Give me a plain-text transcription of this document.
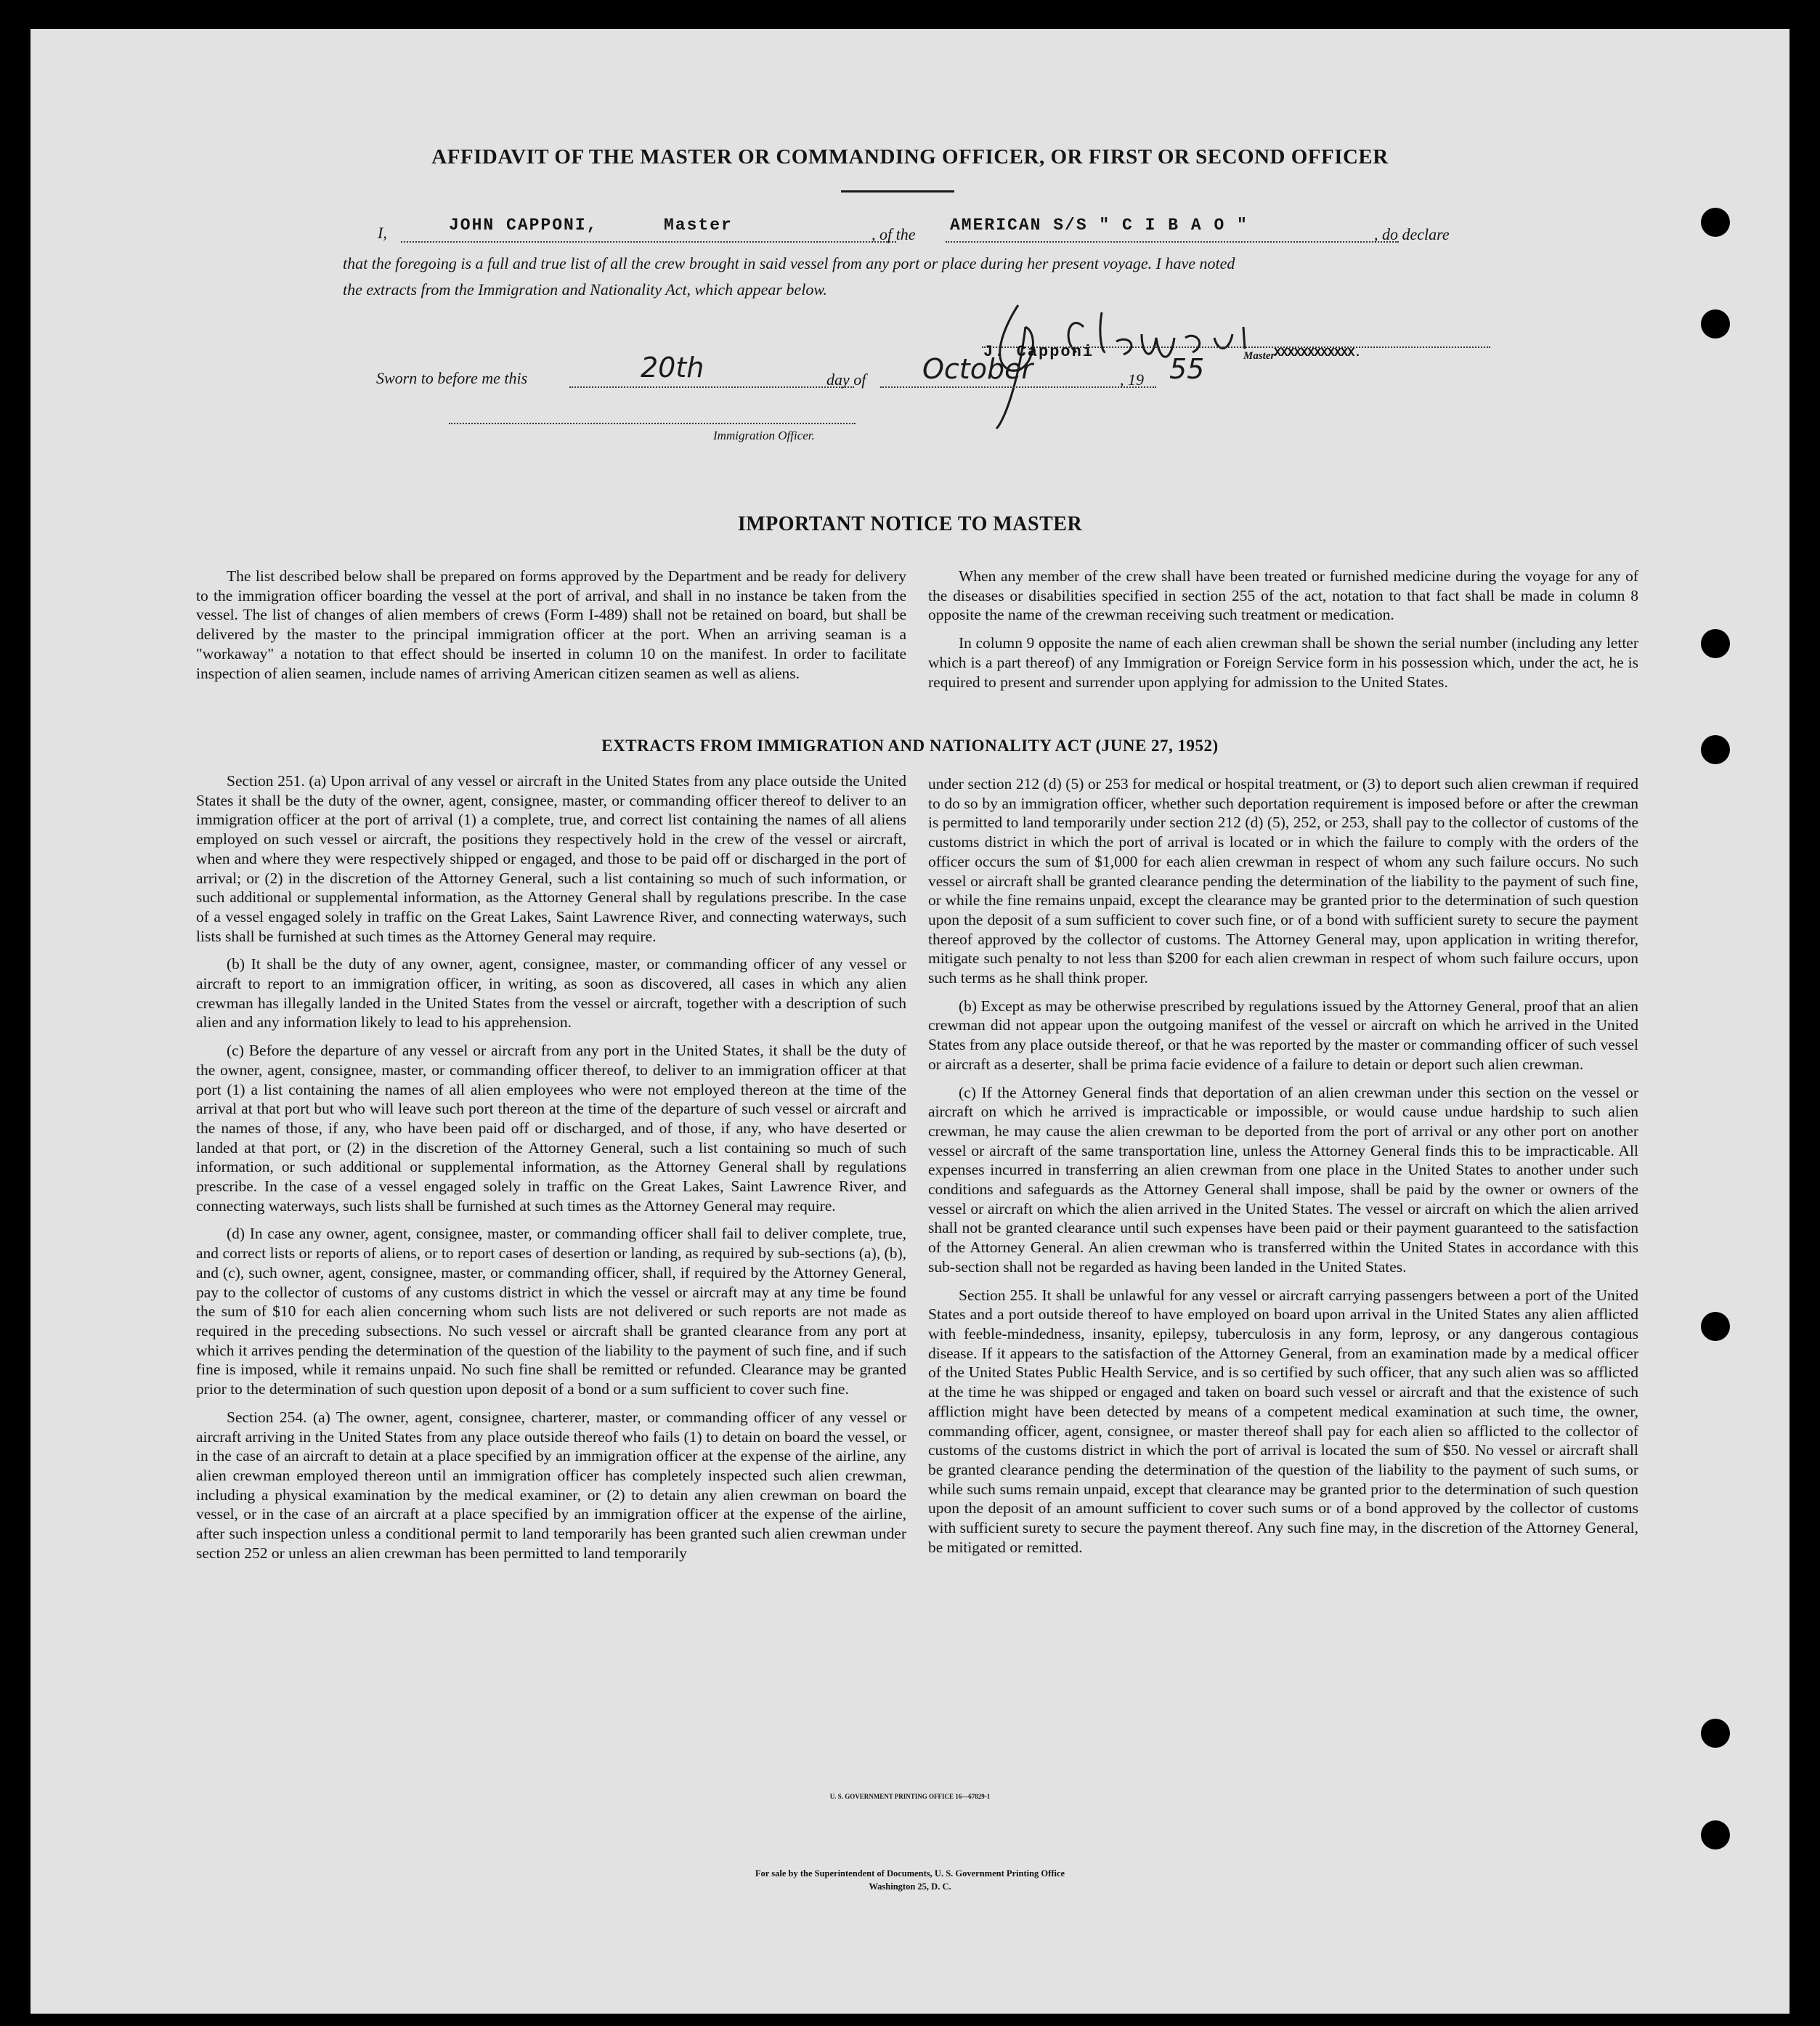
AFFIDAVIT OF THE MASTER OR COMMANDING OFFICER, OR FIRST OR SECOND OFFICER
I,	JOHN CAPPONI,	Master	, of the AMERICAN S/S " C I B A O "	, do declare
that the foregoing is a full and true list of all the crew brought in said vessel from any port or place during her present voyage. I have noted
the extracts from the Immigration and Nationality Act, which appear below.
J. Capponi	Master
XXXXXXXXXXXX.
Sworn to before me this	20th	day of October	, 19 55
Immigration Officer.
IMPORTANT NOTICE TO MASTER

The list described below shall be prepared on forms approved by the Department and be ready for delivery to the immigration officer boarding the vessel at the port of arrival, and shall in no instance be taken from the vessel. The list of changes of alien members of crews (Form I-489) shall not be retained on board, but shall be delivered by the master to the principal immigration officer at the port. When an arriving seaman is a "workaway" a notation to that effect should be inserted in column 10 on the manifest. In order to facilitate inspection of alien seamen, include names of arriving American citizen seamen as well as aliens.

When any member of the crew shall have been treated or furnished medicine during the voyage for any of the diseases or disabilities specified in section 255 of the act, notation to that fact shall be made in column 8 opposite the name of the crewman receiving such treatment or medication.

In column 9 opposite the name of each alien crewman shall be shown the serial number (including any letter which is a part thereof) of any Immigration or Foreign Service form in his possession which, under the act, he is required to present and surrender upon applying for admission to the United States.

EXTRACTS FROM IMMIGRATION AND NATIONALITY ACT (JUNE 27, 1952)

Section 251. (a) Upon arrival of any vessel or aircraft in the United States from any place outside the United States it shall be the duty of the owner, agent, consignee, master, or commanding officer thereof to deliver to an immigration officer at the port of arrival (1) a complete, true, and correct list containing the names of all aliens employed on such vessel or aircraft, the positions they respectively hold in the crew of the vessel or aircraft, when and where they were respectively shipped or engaged, and those to be paid off or discharged in the port of arrival; or (2) in the discretion of the Attorney General, such a list containing so much of such information, or such additional or supplemental information, as the Attorney General shall by regulations prescribe. In the case of a vessel engaged solely in traffic on the Great Lakes, Saint Lawrence River, and connecting waterways, such lists shall be furnished at such times as the Attorney General may require.

(b) It shall be the duty of any owner, agent, consignee, master, or commanding officer of any vessel or aircraft to report to an immigration officer, in writing, as soon as discovered, all cases in which any alien crewman has illegally landed in the United States from the vessel or aircraft, together with a description of such alien and any information likely to lead to his apprehension.

(c) Before the departure of any vessel or aircraft from any port in the United States, it shall be the duty of the owner, agent, consignee, master, or commanding officer thereof, to deliver to an immigration officer at that port (1) a list containing the names of all alien employees who were not employed thereon at the time of the arrival at that port but who will leave such port thereon at the time of the departure of such vessel or aircraft and the names of those, if any, who have been paid off or discharged, and of those, if any, who have deserted or landed at that port, or (2) in the discretion of the Attorney General, such a list containing so much of such information, or such additional or supplemental information, as the Attorney General shall by regulations prescribe. In the case of a vessel engaged solely in traffic on the Great Lakes, Saint Lawrence River, and connecting waterways, such lists shall be furnished at such times as the Attorney General may require.

(d) In case any owner, agent, consignee, master, or commanding officer shall fail to deliver complete, true, and correct lists or reports of aliens, or to report cases of desertion or landing, as required by sub-sections (a), (b), and (c), such owner, agent, consignee, master, or commanding officer, shall, if required by the Attorney General, pay to the collector of customs of any customs district in which the vessel or aircraft may at any time be found the sum of $10 for each alien concerning whom such lists are not delivered or such reports are not made as required in the preceding subsections. No such vessel or aircraft shall be granted clearance from any port at which it arrives pending the determination of the question of the liability to the payment of such fine, and if such fine is imposed, while it remains unpaid. No such fine shall be remitted or refunded. Clearance may be granted prior to the determination of such question upon deposit of a bond or a sum sufficient to cover such fine.

Section 254. (a) The owner, agent, consignee, charterer, master, or commanding officer of any vessel or aircraft arriving in the United States from any place outside thereof who fails (1) to detain on board the vessel, or in the case of an aircraft to detain at a place specified by an immigration officer at the expense of the airline, any alien crewman employed thereon until an immigration officer has completely inspected such alien crewman, including a physical examination by the medical examiner, or (2) to detain any alien crewman on board the vessel, or in the case of an aircraft at a place specified by an immigration officer at the expense of the airline, after such inspection unless a conditional permit to land temporarily has been granted such alien crewman under section 252 or unless an alien crewman has been permitted to land temporarily

under section 212 (d) (5) or 253 for medical or hospital treatment, or (3) to deport such alien crewman if required to do so by an immigration officer, whether such deportation requirement is imposed before or after the crewman is permitted to land temporarily under section 212 (d) (5), 252, or 253, shall pay to the collector of customs of the customs district in which the port of arrival is located or in which the failure to comply with the orders of the officer occurs the sum of $1,000 for each alien crewman in respect of whom any such failure occurs. No such vessel or aircraft shall be granted clearance pending the determination of the liability to the payment of such fine, or while the fine remains unpaid, except the clearance may be granted prior to the determination of such question upon the deposit of a sum sufficient to cover such fine, or of a bond with sufficient surety to secure the payment thereof approved by the collector of customs. The Attorney General may, upon application in writing therefor, mitigate such penalty to not less than $200 for each alien crewman in respect of whom such failure occurs, upon such terms as he shall think proper.

(b) Except as may be otherwise prescribed by regulations issued by the Attorney General, proof that an alien crewman did not appear upon the outgoing manifest of the vessel or aircraft on which he arrived in the United States from any place outside thereof, or that he was reported by the master or commanding officer of such vessel or aircraft as a deserter, shall be prima facie evidence of a failure to detain or deport such alien crewman.

(c) If the Attorney General finds that deportation of an alien crewman under this section on the vessel or aircraft on which he arrived is impracticable or impossible, or would cause undue hardship to such alien crewman, he may cause the alien crewman to be deported from the port of arrival or any other port on another vessel or aircraft of the same transportation line, unless the Attorney General finds this to be impracticable. All expenses incurred in transferring an alien crewman from one place in the United States to another under such conditions and safeguards as the Attorney General shall impose, shall be paid by the owner or owners of the vessel or aircraft on which the alien arrived in the United States. The vessel or aircraft on which the alien arrived shall not be granted clearance until such expenses have been paid or their payment guaranteed to the satisfaction of the Attorney General. An alien crewman who is transferred within the United States in accordance with this sub-section shall not be regarded as having been landed in the United States.

Section 255. It shall be unlawful for any vessel or aircraft carrying passengers between a port of the United States and a port outside thereof to have employed on board upon arrival in the United States any alien afflicted with feeble-mindedness, insanity, epilepsy, tuberculosis in any form, leprosy, or any dangerous contagious disease. If it appears to the satisfaction of the Attorney General, from an examination made by a medical officer of the United States Public Health Service, and is so certified by such officer, that any such alien was so afflicted at the time he was shipped or engaged and taken on board such vessel or aircraft and that the existence of such affliction might have been detected by means of a competent medical examination at such time, the owner, commanding officer, agent, consignee, or master thereof shall pay for each alien so afflicted to the collector of customs of the customs district in which the port of arrival is located the sum of $50. No vessel or aircraft shall be granted clearance pending the determination of the question of the liability to the payment of such sums, or while such sums remain unpaid, except that clearance may be granted prior to the determination of such question upon the deposit of an amount sufficient to cover such sums or of a bond approved by the collector of customs with sufficient surety to secure the payment thereof. Any such fine may, in the discretion of the Attorney General, be mitigated or remitted.

U. S. GOVERNMENT PRINTING OFFICE 16—67829-1
For sale by the Superintendent of Documents, U. S. Government Printing Office
Washington 25, D. C.
